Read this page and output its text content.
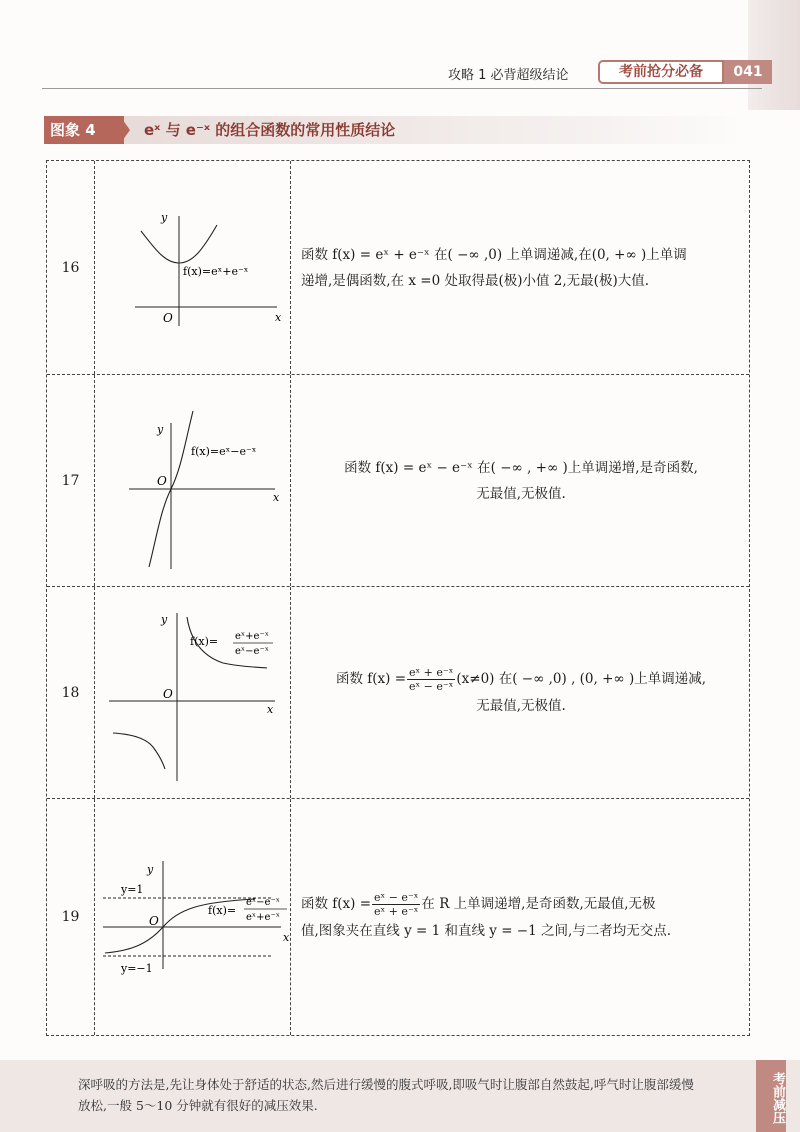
攻略 1 必背超级结论	考前抢分必备	041
图象 4	eˣ 与 e⁻ˣ 的组合函数的常用性质结论
16
y
x
O
f(x)=eˣ+e⁻ˣ
函数 f(x) = eˣ + e⁻ˣ 在( −∞ ,0) 上单调递减,在(0, +∞ )上单调
递增,是偶函数,在 x =0 处取得最(极)小值 2,无最(极)大值.
17
y
x
O
f(x)=eˣ−e⁻ˣ
函数 f(x) = eˣ − e⁻ˣ 在( −∞ , +∞ )上单调递增,是奇函数,
无最值,无极值.
18
y
x
O
f(x)= eˣ+e⁻ˣ
eˣ−e⁻ˣ
函数 $f(x) = \frac{\text{eˣ + e⁻ˣ}}{\text{eˣ − e⁻ˣ}} (x\ne 0)$ 在( −∞ ,0) , (0, +∞ )上单调递减,
无最值,无极值.
19
y
x
O
y=1
y=−1
f(x)=
eˣ−e⁻ˣ
eˣ+e⁻ˣ
函数 $f(x) = \frac{\text{eˣ − e⁻ˣ}}{\text{eˣ + e⁻ˣ}}$ 在 R 上单调递增,是奇函数,无最值,无极
值,图象夹在直线 y = 1 和直线 y = −1 之间,与二者均无交点.
深呼吸的方法是,先让身体处于舒适的状态,然后进行缓慢的腹式呼吸,即吸气时让腹部自然鼓起,呼气时让腹部缓慢放松,一般 5～10 分钟就有很好的减压效果.	考前减压
